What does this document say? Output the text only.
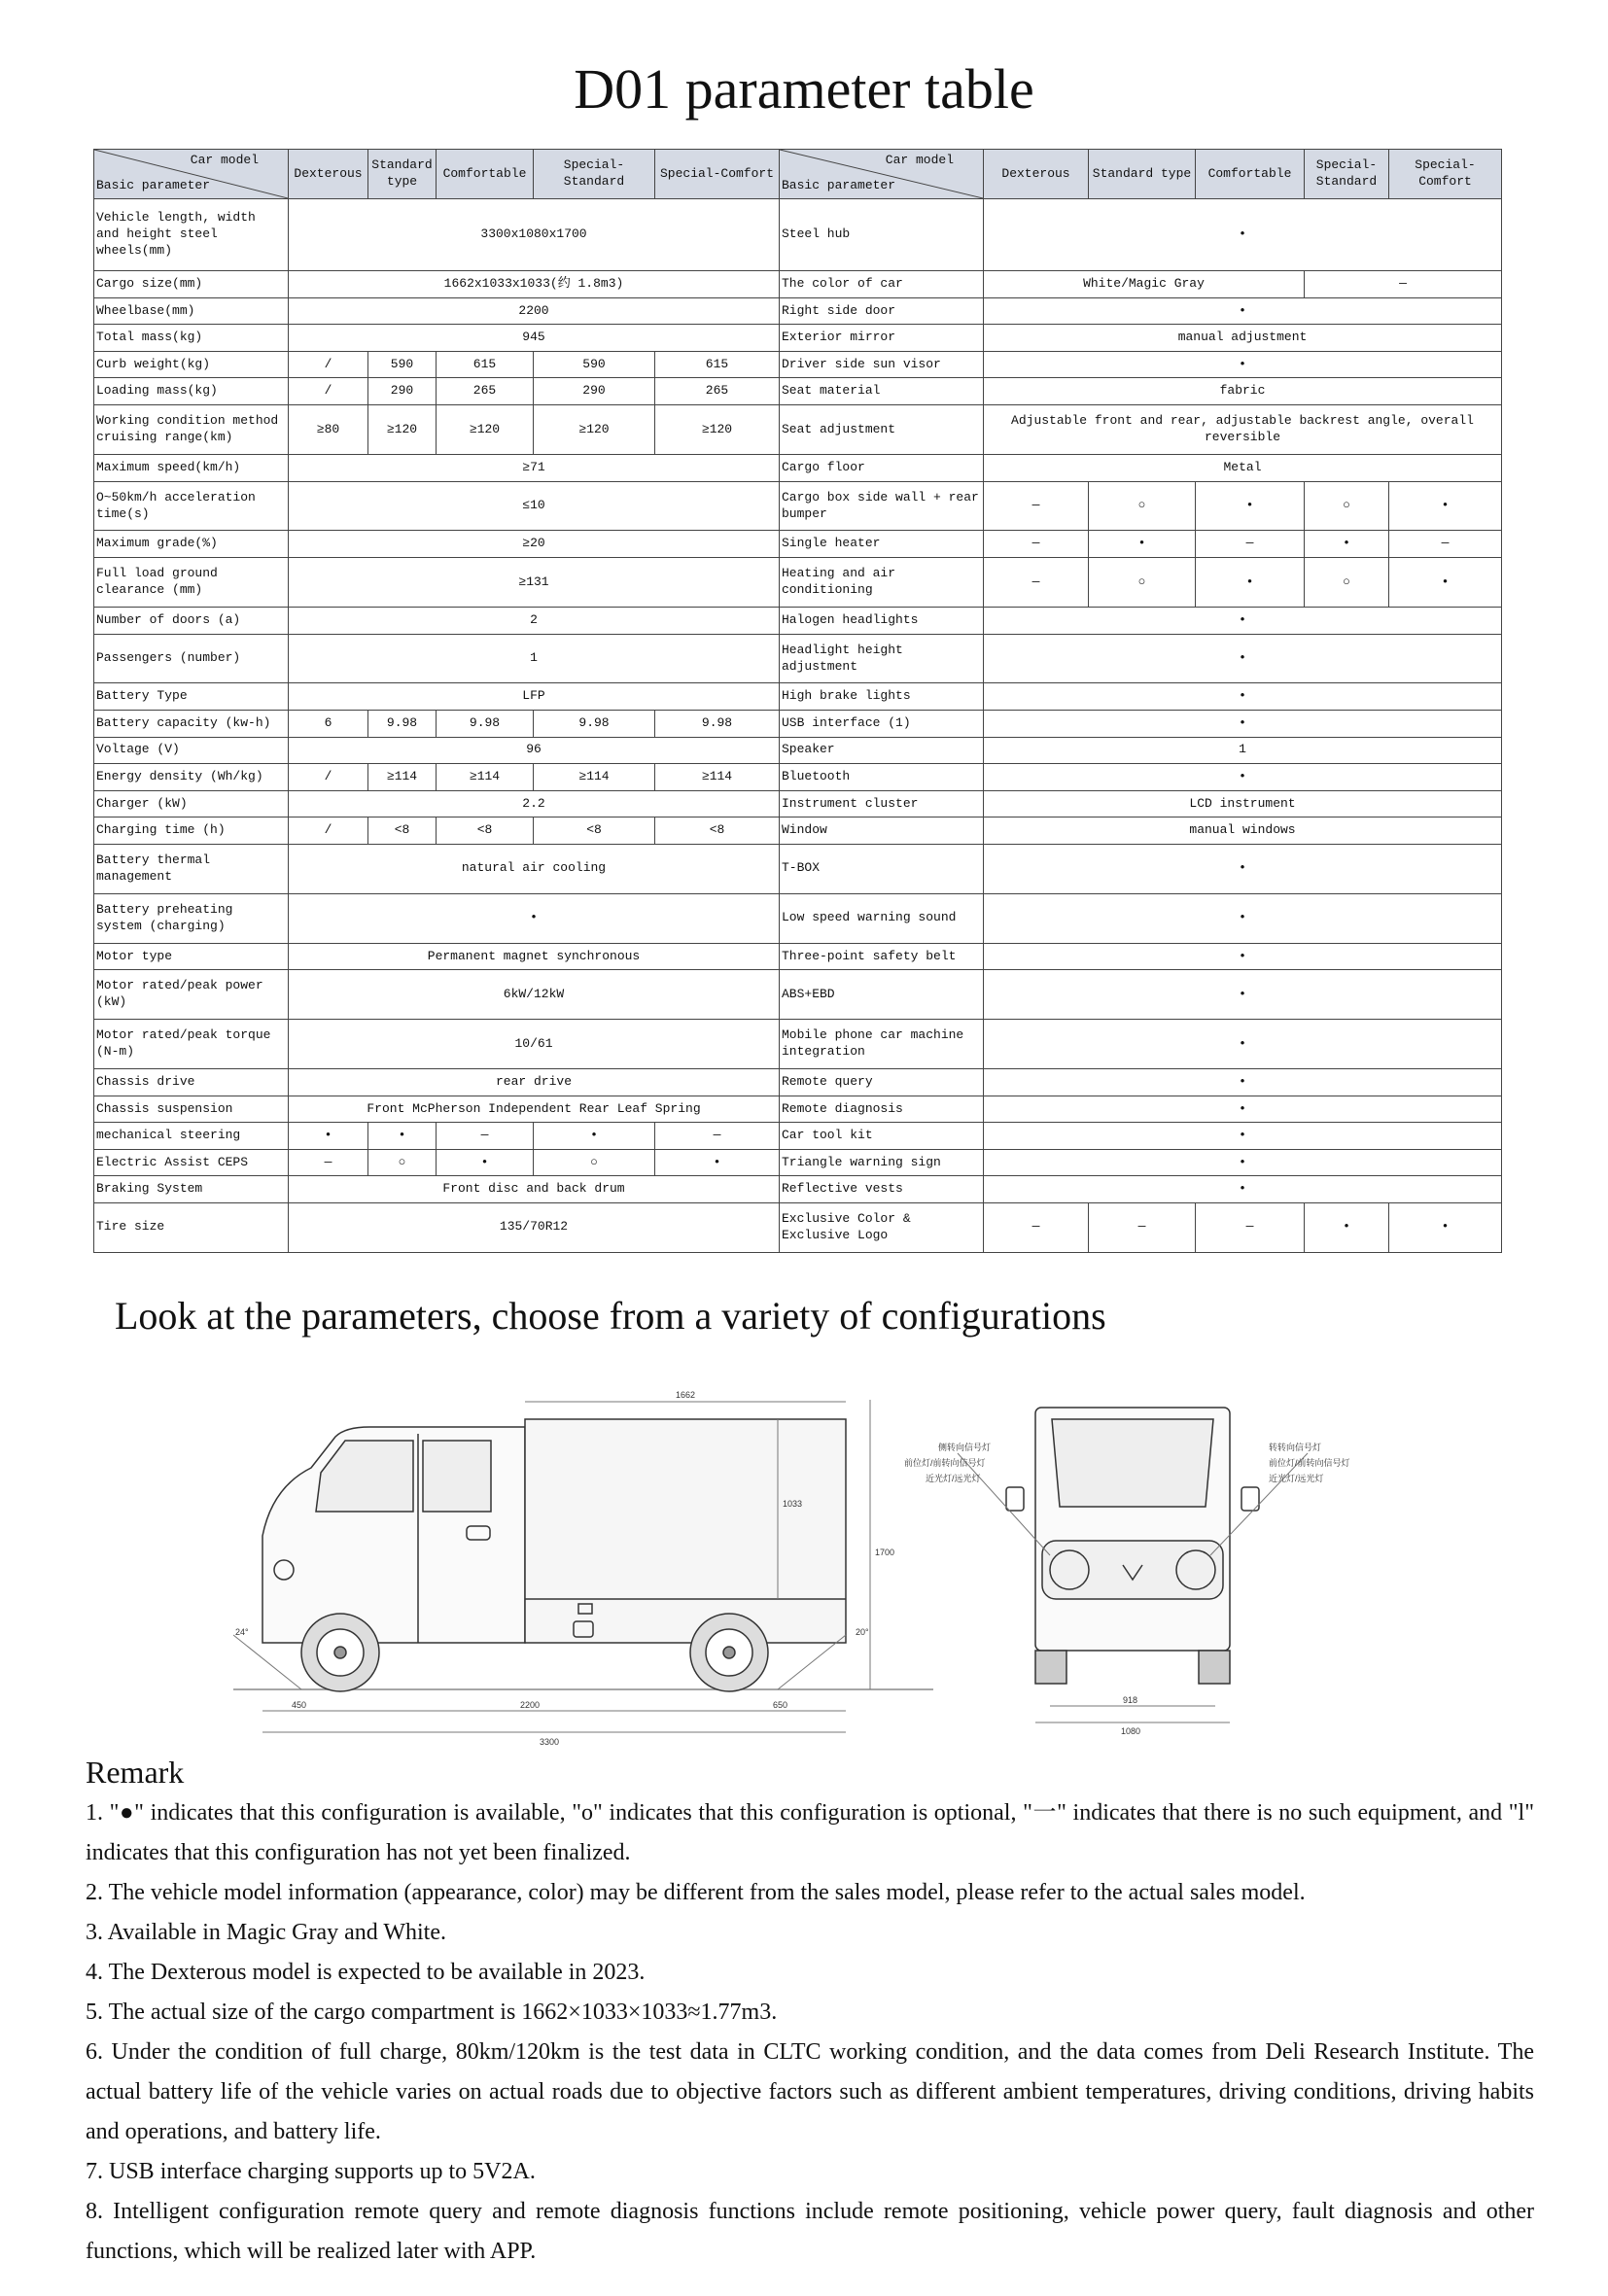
D01 parameter table
Basic parameter
Car model	Dexterous	Standard type	Comfortable	Special-Standard	Special-Comfort	Basic parameter
Car model	Dexterous	Standard type	Comfortable	Special-Standard	Special-Comfort
Vehicle length, width and height steel wheels(mm)	3300x1080x1700					Steel hub	•				
Cargo size(mm)	1662x1033x1033(约 1.8m3)					The color of car	White/Magic Gray			—	
Wheelbase(mm)	2200					Right side door	•				
Total mass(kg)	945					Exterior mirror	manual adjustment				
Curb weight(kg)	/	590	615	590	615	Driver side sun visor	•				
Loading mass(kg)	/	290	265	290	265	Seat material	fabric				
Working condition method cruising range(km)	≥80	≥120	≥120	≥120	≥120	Seat adjustment	Adjustable front and rear, adjustable backrest angle, overall reversible				
Maximum speed(km/h)	≥71					Cargo floor	Metal				
O~50km/h acceleration time(s)	≤10					Cargo box side wall + rear bumper	—	○	•	○	•
Maximum grade(%)	≥20					Single heater	—	•	—	•	—
Full load ground clearance (mm)	≥131					Heating and air conditioning	—	○	•	○	•
Number of doors (a)	2					Halogen headlights	•				
Passengers (number)	1					Headlight height adjustment	•				
Battery Type	LFP					High brake lights	•				
Battery capacity (kw-h)	6	9.98	9.98	9.98	9.98	USB interface (1)	•				
Voltage (V)	96					Speaker	1				
Energy density (Wh/kg)	/	≥114	≥114	≥114	≥114	Bluetooth	•				
Charger (kW)	2.2					Instrument cluster	LCD instrument				
Charging time (h)	/	<8	<8	<8	<8	Window	manual windows				
Battery thermal management	natural air cooling					T-BOX	•				
Battery preheating system (charging)	•					Low speed warning sound	•				
Motor type	Permanent magnet synchronous					Three-point safety belt	•				
Motor rated/peak power (kW)	6kW/12kW					ABS+EBD	•				
Motor rated/peak torque (N-m)	10/61					Mobile phone car machine integration	•				
Chassis drive	rear drive					Remote query	•				
Chassis suspension	Front McPherson Independent Rear Leaf Spring					Remote diagnosis	•				
mechanical steering	•	•	—	•	—	Car tool kit	•				
Electric Assist CEPS	—	○	•	○	•	Triangle warning sign	•				
Braking System	Front disc and back drum					Reflective vests	•				
Tire size	135/70R12					Exclusive Color & Exclusive Logo	—	—	—	•	•
Look at the parameters, choose from a variety of configurations
1662
1033
1700
450	2200	650
3300
24°	20°
918
1080
侧转向信号灯
前位灯/前转向信号灯
近光灯/远光灯
转转向信号灯
前位灯/前转向信号灯
近光灯/远光灯
Remark

1. "●" indicates that this configuration is available, "o" indicates that this configuration is optional, "一" indicates that there is no such equipment, and "l" indicates that this configuration has not yet been finalized.

2. The vehicle model information (appearance, color) may be different from the sales model, please refer to the actual sales model.

3. Available in Magic Gray and White.

4. The Dexterous model is expected to be available in 2023.

5. The actual size of the cargo compartment is 1662×1033×1033≈1.77m3.

6. Under the condition of full charge, 80km/120km is the test data in CLTC working condition, and the data comes from Deli Research Institute. The actual battery life of the vehicle varies on actual roads due to objective factors such as different ambient temperatures, driving conditions, driving habits and operations, and battery life.

7. USB interface charging supports up to 5V2A.

8. Intelligent configuration remote query and remote diagnosis functions include remote positioning, vehicle power query, fault diagnosis and other functions, which will be realized later with APP.
